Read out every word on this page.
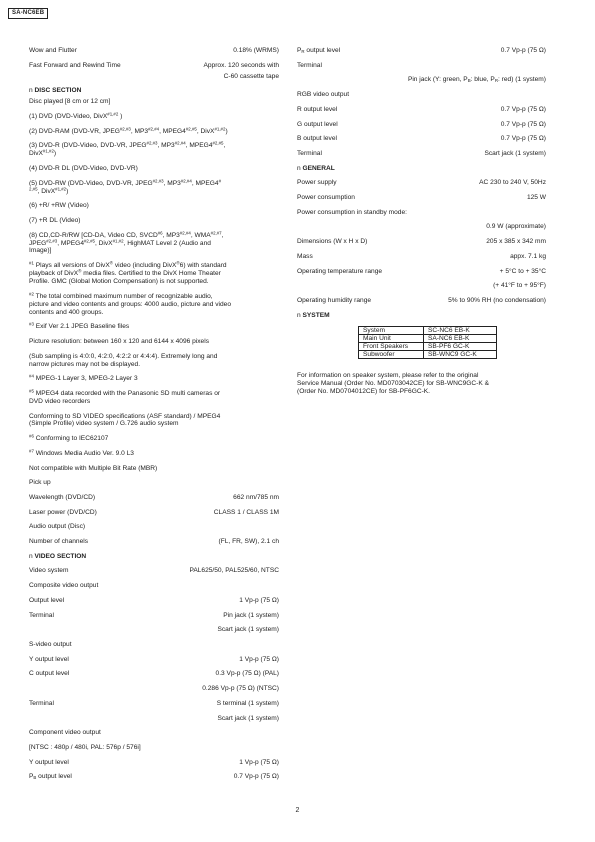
SA-NC6EB
Wow and Flutter	0.18% (WRMS)
Fast Forward and Rewind Time	Approx. 120 seconds with
C-60 cassette tape
n DISC SECTION
Disc played [8 cm or 12 cm]
(1) DVD (DVD-Video, DivX$^{\#1,\#2}$ )
(2) DVD-RAM (DVD-VR, $JPEG^{\#2,\#3}$, $MP3^{\#2,\#4}$, $MPEG4^{\#2,\#5}$, DivX$^{\#1,\#2}$)
(3) DVD-R (DVD-Video, DVD-VR, $JPEG^{\#2,\#3}$, $MP3^{\#2,\#4}$, $MPEG4^{\#2,\#5}$,
DivX$^{\#1,\#2}$)
(4) DVD-R DL (DVD-Video, DVD-VR)
(5) DVD-RW (DVD-Video, DVD-VR, $JPEG^{\#2,\#3}$, $MP3^{\#2,\#4}$, MPEG4#
$^{2,\#5}$, DivX$^{\#1,\#2}$)
(6) +R/ +RW (Video)
(7) +R DL (Video)
(8) CD,CD-R/RW [CD-DA, Video CD, SVCD$^{\#6}$, $MP3^{\#2,\#4}$, $WMA^{\#2,\#7}$,
$JPEG^{\#2,\#3}$, $MPEG4^{\#2,\#5}$, DivX$^{\#1,\#2}$, HighMAT Level 2 (Audio and
Image)]
$^{\#1}$ Plays all versions of DivX® video (including DivX®6) with standard
playback of DivX® media files. Certified to the DivX Home Theater
Profile. GMC (Global Motion Compensation) is not supported.
$^{\#2}$ The total combined maximum number of recognizable audio,
picture and video contents and groups: 4000 audio, picture and video
contents and 400 groups.
$^{\#3}$ Exif Ver 2.1 JPEG Baseline files
Picture resolution: between 160 x 120 and 6144 x 4096 pixels
(Sub sampling is 4:0:0, 4:2:0, 4:2:2 or 4:4:4). Extremely long and
narrow pictures may not be displayed.
$^{\#4}$ MPEG-1 Layer 3, MPEG-2 Layer 3
$^{\#5}$ MPEG4 data recorded with the Panasonic SD multi cameras or
DVD video recorders
Conforming to SD VIDEO specifications (ASF standard) / MPEG4
(Simple Profile) video system / G.726 audio system
$^{\#6}$ Conforming to IEC62107
$^{\#7}$ Windows Media Audio Ver. 9.0 L3
Not compatible with Multiple Bit Rate (MBR)
Pick up
Wavelength (DVD/CD)	662 nm/785 nm
Laser power (DVD/CD)	CLASS 1 / CLASS 1M
Audio output (Disc)
Number of channels	(FL, FR, SW), 2.1 ch
n VIDEO SECTION
Video system	PAL625/50, PAL525/60, NTSC
Composite video output
Output level	1 Vp-p (75 Ω)
Terminal	Pin jack (1 system)
Scart jack (1 system)
S-video output
Y output level	1 Vp-p (75 Ω)
C output level	0.3 Vp-p (75 Ω) (PAL)
0.286 Vp-p (75 Ω) (NTSC)
Terminal	S terminal (1 system)
Scart jack (1 system)
Component video output
[NTSC : 480p / 480i, PAL: 576p / 576i]
Y output level	1 Vp-p (75 Ω)
$P_B$ output level	0.7 Vp-p (75 Ω)
$P_R$ output level	0.7 Vp-p (75 Ω)
Terminal
Pin jack (Y: green, $P_B$: blue, $P_R$: red) (1 system)
RGB video output
R output level	0.7 Vp-p (75 Ω)
G output level	0.7 Vp-p (75 Ω)
B output level	0.7 Vp-p (75 Ω)
Terminal	Scart jack (1 system)
n GENERAL
Power supply	AC 230 to 240 V, 50Hz
Power consumption	125 W
Power consumption in standby mode:
0.9 W (approximate)
Dimensions (W x H x D)	205 x 385 x 342 mm
Mass	appx. 7.1 kg
Operating temperature range	+ 5°C to + 35°C
(+ 41°F to + 95°F)
Operating humidity range	5% to 90% RH (no condensation)
n SYSTEM
System	SC-NC6 EB-K
Main Unit	SA-NC6 EB-K
Front Speakers	SB-PF6 GC-K
Subwoofer	SB-WNC9 GC-K
For information on speaker system, please refer to the original
Service Manual (Order No. MD0703042CE) for SB-WNC9GC-K &
(Order No. MD0704012CE) for SB-PF6GC-K.
2
